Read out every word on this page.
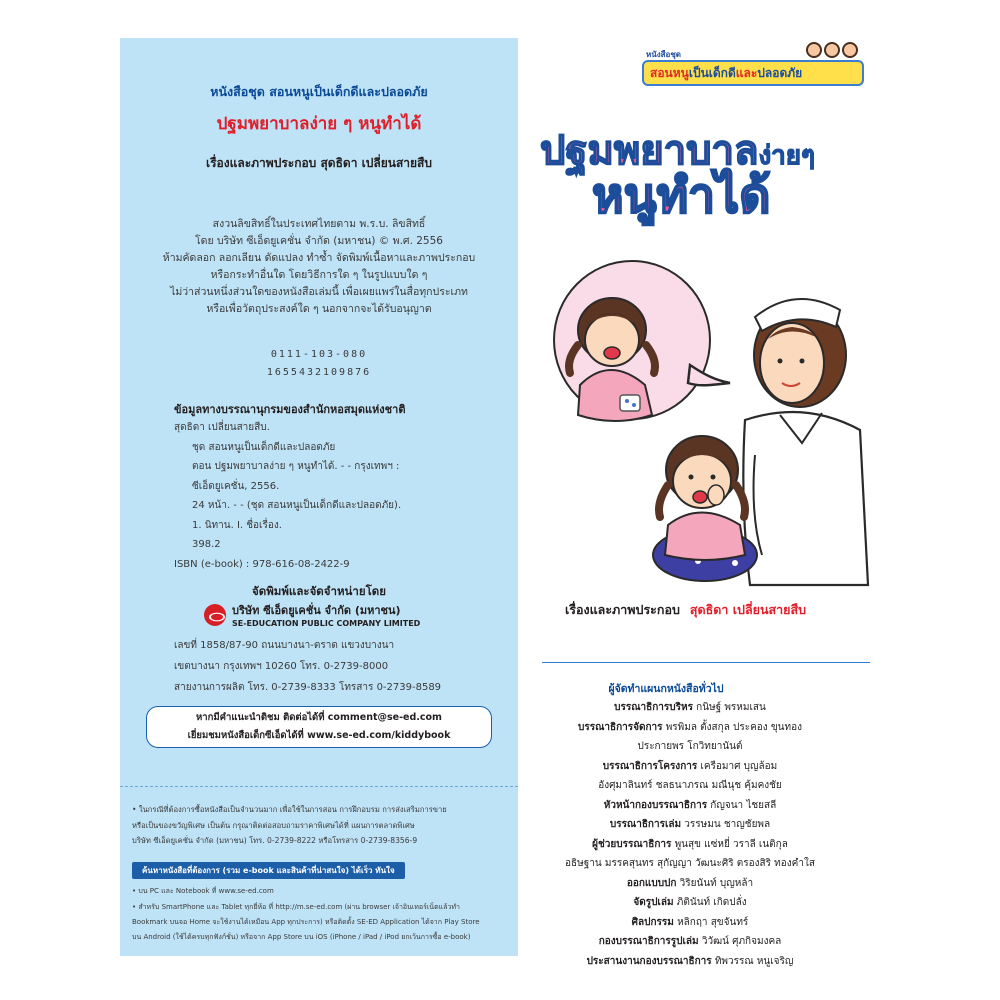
หนังสือชุด สอนหนูเป็นเด็กดีและปลอดภัย
ปฐมพยาบาลง่าย ๆ หนูทำได้
เรื่องและภาพประกอบ สุดธิดา เปลี่ยนสายสืบ
สงวนลิขสิทธิ์ในประเทศไทยตาม พ.ร.บ. ลิขสิทธิ์
โดย บริษัท ซีเอ็ดยูเคชั่น จำกัด (มหาชน) © พ.ศ. 2556
ห้ามคัดลอก ลอกเลียน ดัดแปลง ทำซ้ำ จัดพิมพ์เนื้อหาและภาพประกอบ
หรือกระทำอื่นใด โดยวิธีการใด ๆ ในรูปแบบใด ๆ
ไม่ว่าส่วนหนึ่งส่วนใดของหนังสือเล่มนี้ เพื่อเผยแพร่ในสื่อทุกประเภท
หรือเพื่อวัตถุประสงค์ใด ๆ นอกจากจะได้รับอนุญาต
0111-103-080
1655432109876
ข้อมูลทางบรรณานุกรมของสำนักหอสมุดแห่งชาติ
สุดธิดา เปลี่ยนสายสืบ.
ชุด สอนหนูเป็นเด็กดีและปลอดภัย
ตอน ปฐมพยาบาลง่าย ๆ หนูทำได้. - - กรุงเทพฯ :
ซีเอ็ดยูเคชั่น, 2556.
24 หน้า. - - (ชุด สอนหนูเป็นเด็กดีและปลอดภัย).
1. นิทาน. I. ชื่อเรื่อง.
398.2
ISBN (e-book) : 978-616-08-2422-9
จัดพิมพ์และจัดจำหน่ายโดย
บริษัท ซีเอ็ดยูเคชั่น จำกัด (มหาชน)
SE-EDUCATION PUBLIC COMPANY LIMITED
เลขที่ 1858/87-90 ถนนบางนา-ตราด แขวงบางนา
เขตบางนา กรุงเทพฯ 10260 โทร. 0-2739-8000
สายงานการผลิต โทร. 0-2739-8333 โทรสาร 0-2739-8589
หากมีคำแนะนำติชม ติดต่อได้ที่ comment@se-ed.com
เยี่ยมชมหนังสือเด็กซีเอ็ดได้ที่ www.se-ed.com/kiddybook
• ในกรณีที่ต้องการซื้อหนังสือเป็นจำนวนมาก เพื่อใช้ในการสอน การฝึกอบรม การส่งเสริมการขาย
หรือเป็นของขวัญพิเศษ เป็นต้น กรุณาติดต่อสอบถามราคาพิเศษได้ที่ แผนการตลาดพิเศษ
บริษัท ซีเอ็ดยูเคชั่น จำกัด (มหาชน) โทร. 0-2739-8222 หรือโทรสาร 0-2739-8356-9
ค้นหาหนังสือที่ต้องการ (รวม e-book และสินค้าที่น่าสนใจ) ได้เร็ว ทันใจ
• บน PC และ Notebook ที่ www.se-ed.com
• สำหรับ SmartPhone และ Tablet ทุกยี่ห้อ ที่ http://m.se-ed.com (ผ่าน browser เจ้าอินเทอร์เน็ตแล้วทำ
Bookmark บนจอ Home จะใช้งานได้เหมือน App ทุกประการ) หรือติดตั้ง SE-ED Application ได้จาก Play Store
บน Android (ใช้ได้ครบทุกฟังก์ชั่น) หรือจาก App Store บน iOS (iPhone / iPad / iPod ยกเว้นการซื้อ e-book)
หนังสือชุด
สอนหนูเป็นเด็กดีและปลอดภัย
ปฐมพยาบาลง่ายๆ
หนูทำได้
เรื่องและภาพประกอบ สุดธิดา เปลี่ยนสายสืบ
ผู้จัดทำแผนกหนังสือทั่วไป
บรรณาธิการบริหร กนิษฐ์ พรหมเสน
บรรณาธิการจัดการ พรพิมล ตั้งสกุล ประคอง ขุนทอง
ประกายพร โกวิทยานันต์
บรรณาธิการโครงการ เครือมาศ บุญล้อม
อังศุมาลินทร์ ชลธนาภรณ มณีนุช คุ้มคงชัย
หัวหน้ากองบรรณาธิการ กัญจนา ไชยสลี
บรรณาธิการเล่ม วรรษมน ชาญชัยพล
ผู้ช่วยบรรณาธิการ พูนสุข แซ่หยี่ วราลี เนติกุล
อธิษฐาน มรรคสุนทร สุกัญญา วัฒนะศิริ ตรองสิริ ทองคำใส
ออกแบบปก วิริยนันท์ บุญหล้า
จัดรูปเล่ม ภิตินันท์ เกิดปลั่ง
ศิลปกรรม หลิกฤา สุขจันทร์
กองบรรณาธิการรูปเล่ม วิวัฒน์ ศุภกิจมงคล
ประสานงานกองบรรณาธิการ ทิพวรรณ หนูเจริญ
